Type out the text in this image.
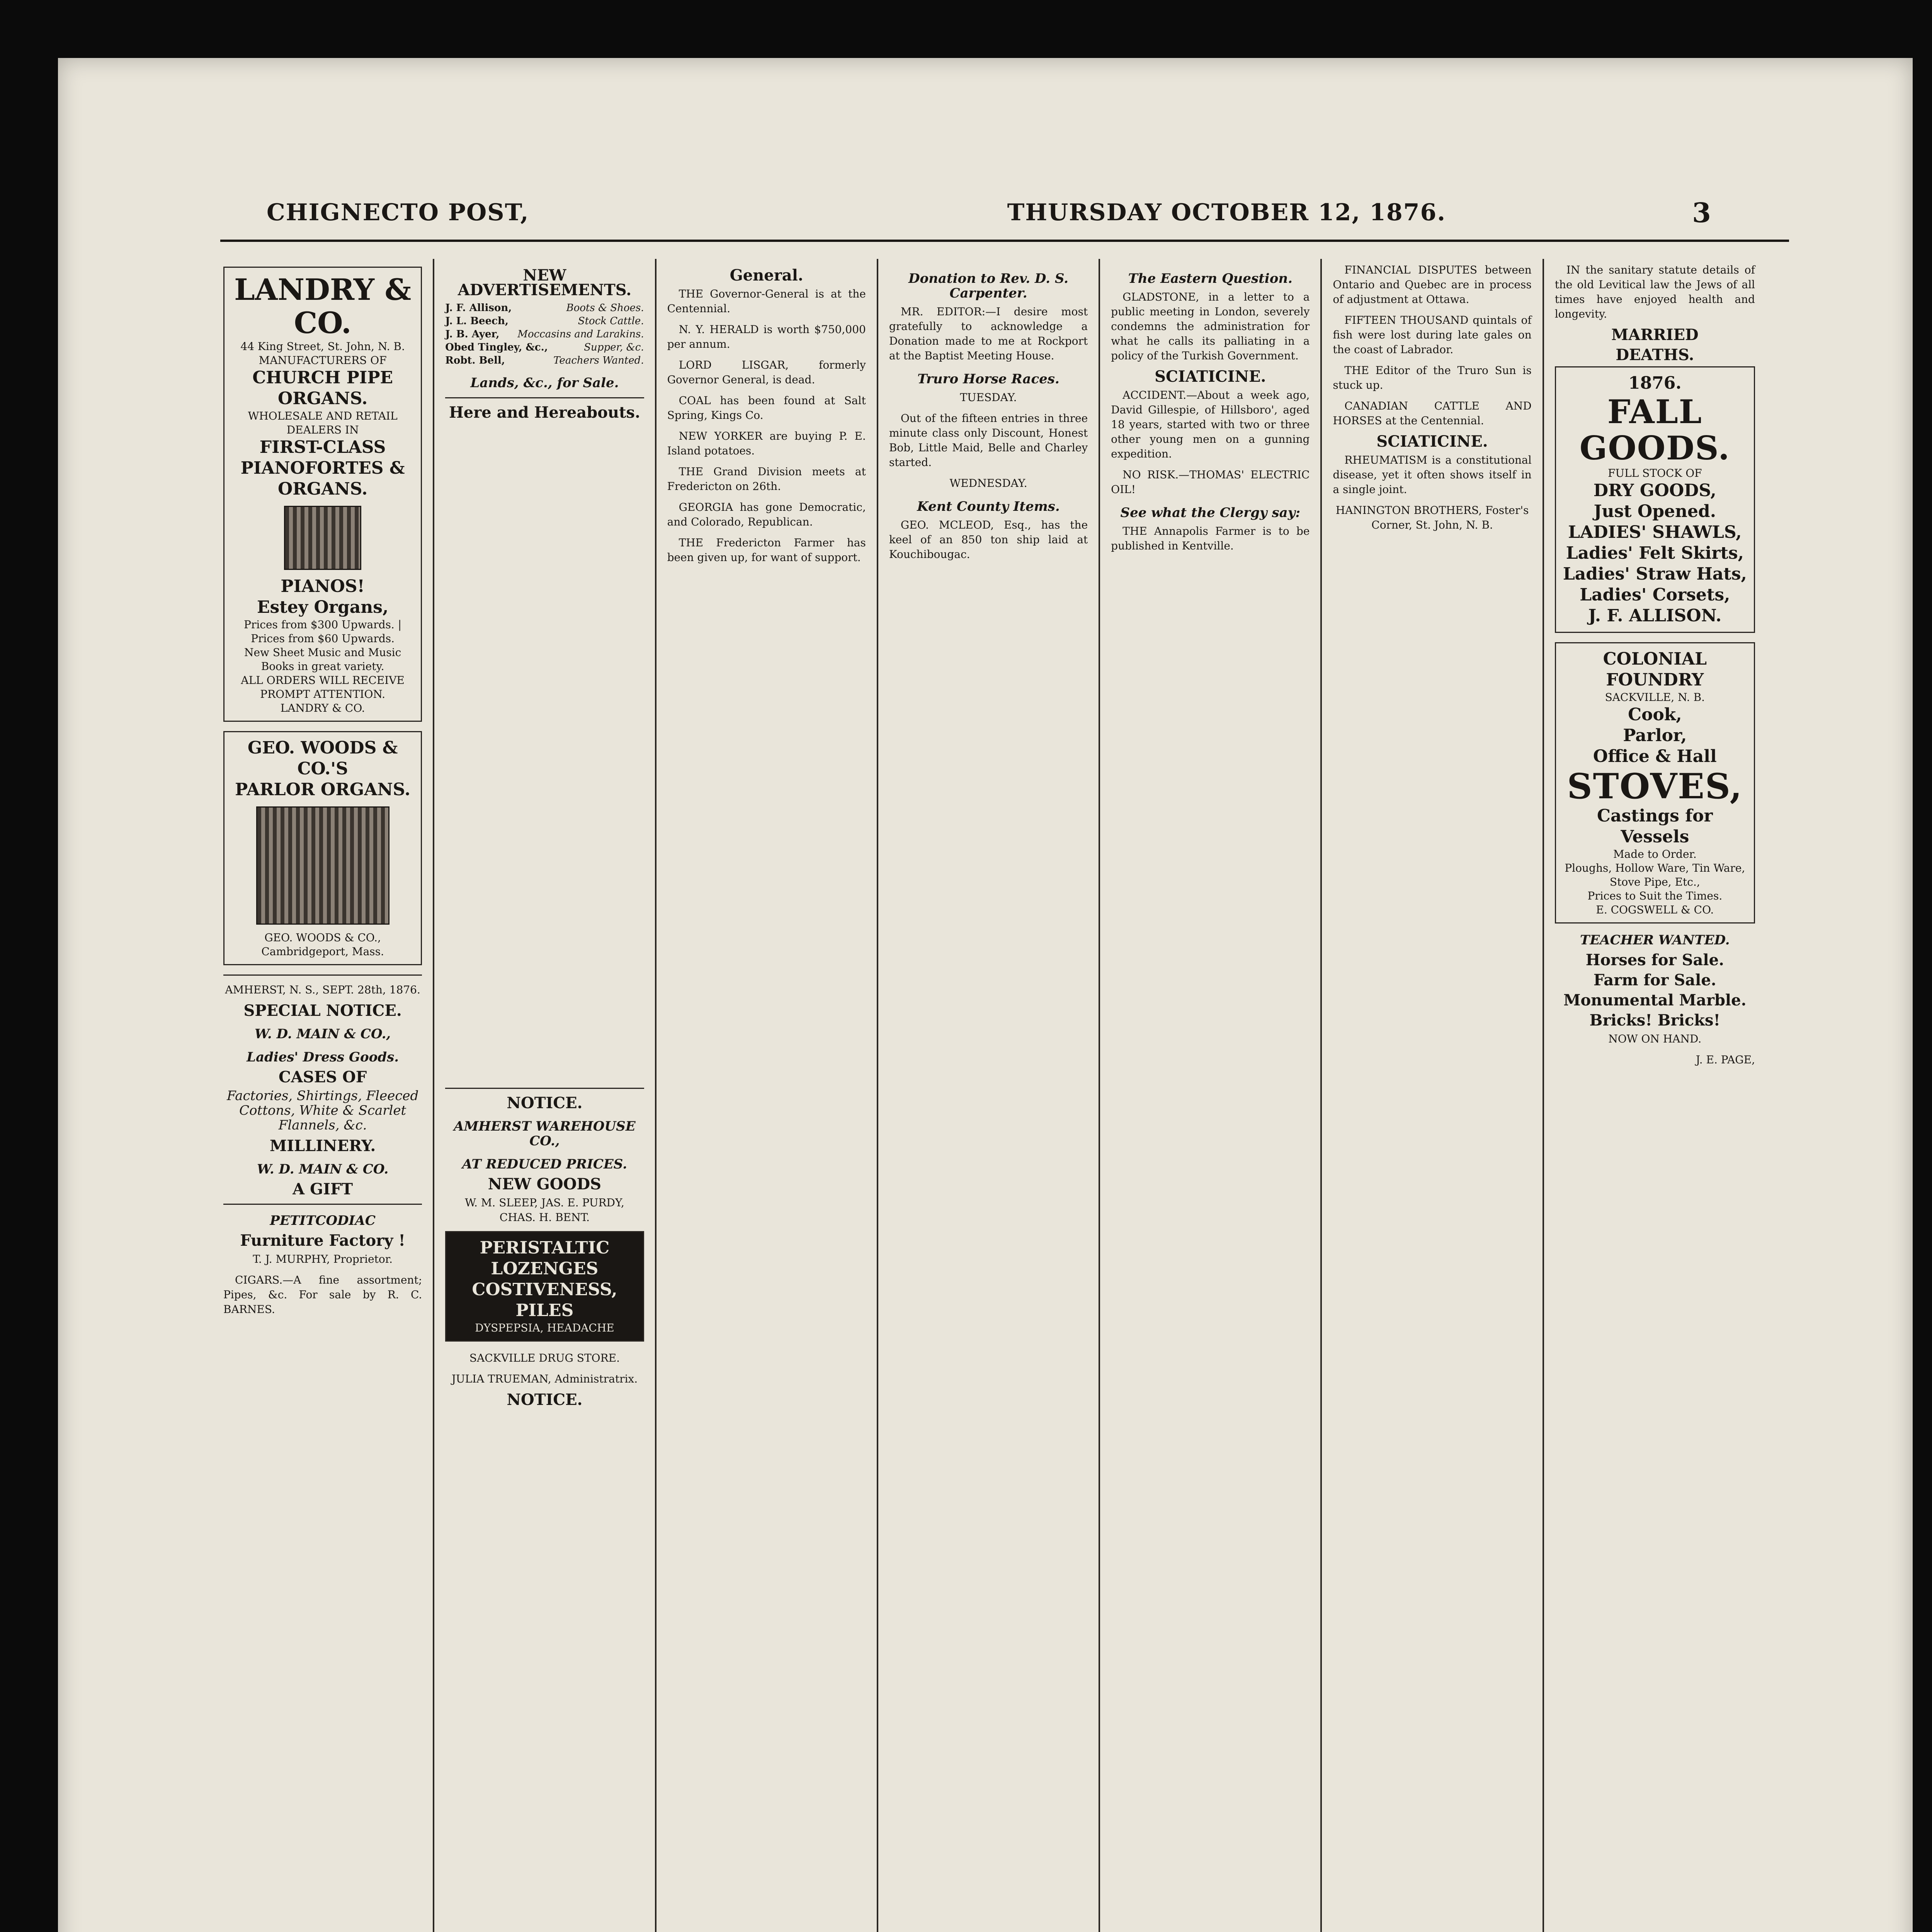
CHIGNECTO POST,	THURSDAY OCTOBER 12, 1876.	3
LANDRY & CO.
44 King Street, St. John, N. B.
MANUFACTURERS OF
CHURCH PIPE ORGANS.
WHOLESALE AND RETAIL DEALERS IN
FIRST-CLASS
PIANOFORTES & ORGANS.
PIANOS!
Estey Organs,
Prices from $300 Upwards. | Prices from $60 Upwards.
New Sheet Music and Music Books in great variety.
ALL ORDERS WILL RECEIVE PROMPT ATTENTION.
LANDRY & CO.
GEO. WOODS & CO.'S
PARLOR ORGANS.
GEO. WOODS & CO., Cambridgeport, Mass.

AMHERST, N. S., SEPT. 28th, 1876.

SPECIAL NOTICE.
W. D. MAIN & CO.,
Ladies' Dress Goods.
CASES OF

Factories, Shirtings, Fleeced Cottons, White & Scarlet Flannels, &c.

MILLINERY.
W. D. MAIN & CO.
A GIFT
PETITCODIAC
Furniture Factory !

T. J. MURPHY, Proprietor.

CIGARS.—A fine assortment; Pipes, &c. For sale by R. C. BARNES.

NEW ADVERTISEMENTS.
J. F. Allison,	Boots & Shoes.
J. L. Beech,	Stock Cattle.
J. B. Ayer, Moccasins and Larakins.
Obed Tingley, &c.,	Supper, &c.
Robt. Bell,	Teachers Wanted.
Lands, &c., for Sale.
Here and Hereabouts.
NOTICE.
AMHERST WAREHOUSE CO.,
AT REDUCED PRICES.
NEW GOODS

W. M. SLEEP, JAS. E. PURDY, CHAS. H. BENT.

PERISTALTIC LOZENGES
COSTIVENESS, PILES
DYSPEPSIA, HEADACHE

SACKVILLE DRUG STORE.

JULIA TRUEMAN, Administratrix.

NOTICE.
General.

THE Governor-General is at the Centennial.

N. Y. HERALD is worth $750,000 per annum.

LORD LISGAR, formerly Governor General, is dead.

COAL has been found at Salt Spring, Kings Co.

NEW YORKER are buying P. E. Island potatoes.

THE Grand Division meets at Fredericton on 26th.

GEORGIA has gone Democratic, and Colorado, Republican.

THE Fredericton Farmer has been given up, for want of support.

Donation to Rev. D. S. Carpenter.

MR. EDITOR:—I desire most gratefully to acknowledge a Donation made to me at Rockport at the Baptist Meeting House.

Truro Horse Races.

TUESDAY.

Out of the fifteen entries in three minute class only Discount, Honest Bob, Little Maid, Belle and Charley started.

WEDNESDAY.

Kent County Items.

GEO. MCLEOD, Esq., has the keel of an 850 ton ship laid at Kouchibougac.

The Eastern Question.

GLADSTONE, in a letter to a public meeting in London, severely condemns the administration for what he calls its palliating in a policy of the Turkish Government.

SCIATICINE.

ACCIDENT.—About a week ago, David Gillespie, of Hillsboro', aged 18 years, started with two or three other young men on a gunning expedition.

NO RISK.—THOMAS' ELECTRIC OIL!

See what the Clergy say:

THE Annapolis Farmer is to be published in Kentville.

FINANCIAL DISPUTES between Ontario and Quebec are in process of adjustment at Ottawa.

FIFTEEN THOUSAND quintals of fish were lost during late gales on the coast of Labrador.

THE Editor of the Truro Sun is stuck up.

CANADIAN CATTLE AND HORSES at the Centennial.

SCIATICINE.

RHEUMATISM is a constitutional disease, yet it often shows itself in a single joint.

HANINGTON BROTHERS, Foster's Corner, St. John, N. B.

IN the sanitary statute details of the old Levitical law the Jews of all times have enjoyed health and longevity.

MARRIED
DEATHS.
1876.
FALL GOODS.
FULL STOCK OF
DRY GOODS,
Just Opened.
LADIES' SHAWLS,
Ladies' Felt Skirts,
Ladies' Straw Hats,
Ladies' Corsets,
J. F. ALLISON.
COLONIAL FOUNDRY
SACKVILLE, N. B.
Cook,
Parlor,
Office & Hall
STOVES,
Castings for Vessels
Made to Order.
Ploughs, Hollow Ware, Tin Ware, Stove Pipe, Etc.,
Prices to Suit the Times.
E. COGSWELL & CO.
TEACHER WANTED.
Horses for Sale.
Farm for Sale.
Monumental Marble.
Bricks! Bricks!

NOW ON HAND.

J. E. PAGE,
